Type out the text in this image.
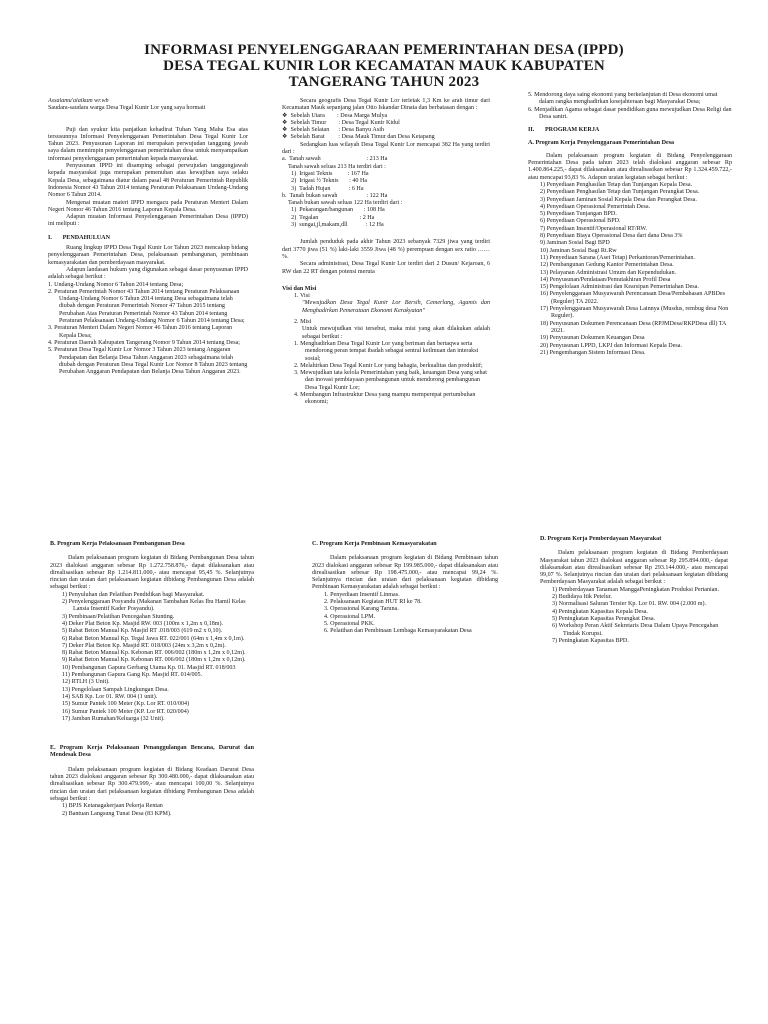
INFORMASI PENYELENGGARAAN PEMERINTAHAN DESA (IPPD)
DESA TEGAL KUNIR LOR KECAMATAN MAUK KABUPATEN
TANGERANG TAHUN 2023

Assalamu'alaikum wr.wb

Saudara-saudara warga Desa Tegal Kunir Lor yang saya hormati

Puji dan syukur kita panjatkan kehadirat Tuhan Yang Maha Esa atas tersusunnya Informasi Penyelenggaraan Pemerintahan Desa Tegal Kunir Lor Tahun 2023. Penyusunan Laporan ini merupakan perwujudan tanggung jawab saya dalam memimpin penyelenggaraan pemerintahan desa untuk menyampaikan informasi penyelenggaraan pemerintahan kepada masyarakat.

Penyusunan IPPD ini disamping sebagai perwujudan tanggungjawab kepada masyarakat juga merupakan pemenuhan atas kewajiban saya selaku Kepala Desa, sebagaimana diatur dalam pasal 48 Peraturan Pemerintah Republik Indonesia Nomor 43 Tahun 2014 tentang Peraturan Pelaksanaan Undang-Undang Nomor 6 Tahun 2014.

Mengenai muatan materi IPPD mengacu pada Peraturan Menteri Dalam Negeri Nomor 46 Tahun 2016 tentang Laporan Kepala Desa.

Adapun muatan Informasi Penyelenggaraan Pemerintahan Desa (IPPD) ini meliputi :

I. PENDAHULUAN

Ruang lingkup IPPD Desa Tegal Kunir Lor Tahun 2023 mencakup bidang penyelenggaraan Pemerintahan Desa, pelaksanaan pembangunan, pembinaan kemasyarakatan dan pemberdayaan masyarakat.

Adapun landasan hukum yang digunakan sebagai dasar penyusunan IPPD adalah sebagai berikut :

1. Undang-Undang Nomor 6 Tahun 2014 tentang Desa;
2. Peraturan Pemerintah Nomor 43 Tahun 2014 tentang Peraturan Pelaksanaan Undang-Undang Nomor 6 Tahun 2014 tentang Desa sebagaimana telah diubah dengan Peraturan Pemerintah Nomor 47 Tahun 2015 tentang Perubahan Atas Peraturan Pemerintah Nomor 43 Tahun 2014 tentang Peraturan Pelaksanaan Undang-Undang Nomor 6 Tahun 2014 tentang Desa;
3. Peraturan Menteri Dalam Negeri Nomor 46 Tahun 2016 tentang Laporan Kepala Desa;
4. Peraturan Daerah Kabupaten Tangerang Nomor 9 Tahun 2014 tentang Desa;
5. Peraturan Desa Tegal Kunir Lor Nomor 3 Tahun 2023 tentang Anggaran Pendapatan dan Belanja Desa Tahun Anggaran 2023 sebagaimana telah diubah dengan Peraturan Desa Tegal Kunir Lor Nomor 8 Tahun 2023 tentang Perubahan Anggaran Pendapatan dan Belanja Desa Tahun Anggaran 2023.

Secara geografis Desa Tegal Kunir Lor terletak 1,3 Km ke arah timur dari Kecamatan Mauk sepanjang jalan Otto Iskandar Dinata dan berbatasan dengan :

❖  Sebelah Utara        : Desa Marga Mulya
❖  Sebelah Timur        : Desa Tegal Kunir Kidul
❖  Sebelah Selatan      : Desa Banyu Asih
❖  Sebelah Barat         : Desa Mauk Timur dan Desa Ketapang

Sedangkan luas wilayah Desa Tegal Kunir Lor mencapai 382 Ha yang terdiri dari :

a.  Tanah sawah                              : 213 Ha
Tanah sawah seluas 213 Ha terdiri dari :
1)  Irigasi Teknis          : 167 Ha
2)  Irigasi ½ Teknis       : 40 Ha
3)  Tadah Hujan            : 6 Ha
b.  Tanah bukan sawah                   : 122 Ha
Tanah bukan sawah seluas 122 Ha terdiri dari :
1)  Pekarangan/bangunan       : 108 Ha
2)  Tegalan                           : 2 Ha
3)  sungai,jl,makam,dll            : 12 Ha

Jumlah penduduk pada akhir Tahun 2023 sebanyak 7329 jiwa yang terdiri dari 3770 jiwa (51 %) laki-laki 3559 Jiwa (48 %) perempuan dengan sex ratio …… %.

Secara administrasi, Desa Tegal Kunir Lor terdiri dari 2 Dusun/ Kejaroan, 6 RW dan 22 RT dengan potensi meruta

Visi dan Misi

1. Visi

"Mewujudkan Desa Tegal Kunir Lor Bersih, Cemerlang, Agamis dan Menghadirkan Pemerataan Ekonomi Kerakyatan"

2. Misi

Untuk mewujudkan visi tersebut, maka misi yang akan dilakukan adalah sebagai berikut :

1. Menghadirkan Desa Tegal Kunir Lor yang beriman dan bertaqwa serta mendorong peran tempat ibadah sebagai sentral keilmuan dan interaksi sosial;
2. Melahirkan Desa Tegal Kunir Lor yang bahagia, berkualitas dan produktif;
3. Mewujudkan tata kelola Pemerintahan yang baik, keuangan Desa yang sehat dan inovasi pembiayaan pembangunan untuk mendorong pembangunan Desa Tegal Kunir Lor;
4. Membangun Infrastruktur Desa yang mampu memperepat pertumbuhan ekonomi;
5. Mendorong daya saing ekonomi yang berkelanjutan di Desa ekonomi umat dalam rangka menghadirkan kesejahteraan bagi Masyarakat Desa;
6. Menjadikan Agama sebagai dasar pendidikan guna mewujudkan Desa Religi dan Desa santri.

II. PROGRAM KERJA

A. Program Kerja Penyelenggaraan Pemerintahan Desa

Dalam pelaksanaan program kegiatan di Bidang Penyelenggaraan Pemerintahan Desa pada tahun 2023 telah dialokasi anggaran sebesar Rp 1.400.864.225,- dapat dilaksanakan atau direalisasikan sebesar Rp 1.324.459.722,- atau mencapai 93,83 %. Adapun uraian kegiatan sebagai berikut :

1) Penyediaan Penghasilan Tetap dan Tunjangan Kepala Desa.
2) Penyediaan Penghasilan Tetap dan Tunjangan Perangkat Desa.
3) Penyediaan Jaminan Sosial Kepala Desa dan Perangkat Desa.
4) Penyediaan Operasional Pemerintah Desa.
5) Penyediaan Tunjangan BPD.
6) Penyediaan Operasional BPD.
7) Penyediaan Insentif/Operasional RT/RW.
8) Penyediaan Biaya Operasional Desa dari dana Desa 3%
9) Jaminan Sosial Bagi BPD
10) Jaminan Sosial Bagi Rt.Rw
11) Penyediaan Sarana (Aset Tetap) Perkantoran/Pemerintahan.
12) Pembangunan Gedung Kantor Pemerintahan Desa.
13) Pelayanan Administrasi Umum dan Kependudukan.
14) Penyusunan/Pendataan/Pemutakhiran Profil Desa
15) Pengelolaan Administrasi dan Kearsipan Pemerintahan Desa.
16) Penyelenggaraan Musyawarah Perencanaan Desa/Pembahasan APBDes (Reguler) TA 2022.
17) Penyelenggaraan Musyawarah Desa Lainnya (Musdus, rembug desa Non Reguler).
18) Penyusunan Dokumen Perencanaan Desa (RPJMDesa/RKPDesa dll) TA 2021.
19) Penyusunan Dokumen Keuangan Desa
20) Penyusunan LPPD, LKPJ dan Informasi Kepala Desa.
21) Pengembangan Sistem Informasi Desa.

B. Program Kerja Pelaksanaan Pembangunan Desa

Dalam pelaksanaan program kegiatan di Bidang Pembangunan Desa tahun 2023 dialokasi anggaran sebesar Rp 1.272.758.876,- dapat dilaksanakan atau direalisasikan sebesar Rp 1.214.811.000,- atau mencapai 95,45 %. Selanjutnya rincian dan uraian dari pelaksanaan kegiatan dibidang Pembangunan Desa adalah sebagai berikut :

1) Penyuluhan dan Pelatihan Pendidikan bagi Masyarakat.
2) Penyelenggaraan Posyandu (Makanan Tambahan Kelas Ibu Hamil Kelas Lansia Insentif Kader Posyandu).
3) Pembinaan/Pelatihan Pencegahan Stunting.
4) Deker Plat Beton Kp. Masjid RW. 003 (100m x 1,2m x 0,18m).
5) Rabat Beton Manual Kp. Masjid RT .018/003 (619 m2 x 0,10).
6) Rabat Beton Manual Kp. Tegal Jawa RT. 022/001 (64m x 1,4m x 0,1m).
7) Deker Plat Beton Kp. Masjid RT. 018/003 (24m x 3,2m x 0,2m).
8) Rabat Beton Manual Kp. Kebonan RT. 006/002 (180m x 1,2m x 0,12m).
9) Rabat Beton Manual Kp. Kebonan RT. 006/002 (180m x 1,2m x 0,12m).
10) Pembangunan Gapura Gerbang Utama Kp. 01. Masjid RT. 018/003
11) Pembangunan Gapura Gang Kp. Masjid RT. 014/005.
12) RTLH (3 Unit).
13) Pengelolaan Sampah Lingkungan Desa.
14) SAB Kp. Lor 01. RW. 004 (1 unit).
15) Sumur Pantek 100 Meter (Kp. Lor RT. 010/004)
16) Sumur Pantek 100 Meter (KP. Lor RT. 020/004)
17) Jamban Rumahan/Keluarga (32 Unit).

E. Program Kerja Pelaksanaan Penanggulangan Bencana, Darurat dan Mendesak Desa

Dalam pelaksanaan program kegiatan di Bidang Keadaan Darurat Desa tahun 2023 dialokasi anggaran sebesar Rp 300.480.000,- dapat dilaksanakan atau direalisasikan sebesar Rp 300.479.999,- atau mencapai 100,00 %. Selanjutnya rincian dan uraian dari pelaksanaan kegiatan dibidang Pembangunan Desa adalah sebagai berikut :

1) BPJS Ketanagakerjaan Pekerja Rentan
2) Bantuan Langsung Tunai Desa (83 KPM).

C. Program Kerja Pembinaan Kemasyarakatan

Dalam pelaksanaan program kegiatan di Bidang Pembinaan tahun 2023 dialokasi anggaran sebesar Rp 199.985.000,- dapat dilaksanakan atau direalisasikan sebesar Rp 198.475.000,- atau mencapai 99,24 %. Selanjutnya rincian dan uraian dari pelaksanaan kegiatan dibidang Pembinaan Kemasyarakatan adalah sebagai berikut :

1. Penyediaan Insentif Linmas.
2. Pelaksanaan Kegiatan HUT RI ke 78.
3. Operasional Karang Taruna.
4. Operasional LPM.
5. Operasional PKK.
6. Pelatihan dan Pembinaan Lembaga Kemasyarakatan Desa

D. Program Kerja Pemberdayaan Masyarakat

Dalam pelaksanaan program kegiatan di Bidang Pemberdayaan Masyarakat tahun 2023 dialokasi anggaran sebesar Rp 295.894.000,- dapat dilaksanakan atau direalisasikan sebesar Rp 293.144.000,- atau mencapai 99,07 %. Selanjutnya rincian dan uraian dari pelaksanaan kegiatan dibidang Pemberdayaan Masyarakat adalah sebagai berikut :

1) Pemberdayaan Tanaman ManggaPeningkatan Produksi Pertanian.
2) Budidaya Itik Petelur.
3) Normalisasi Saluran Tersier Kp. Lor 01. RW. 004 (2.000 m).
4) Peningkatan Kapasitas Kepala Desa.
5) Peningkatan Kapasitas Perangkat Desa.
6) Workshop Peran Aktif Sekretaris Desa Dalam Upaya Pencegahan Tindak Korupsi.
7) Peningkatan Kapasitas BPD.
